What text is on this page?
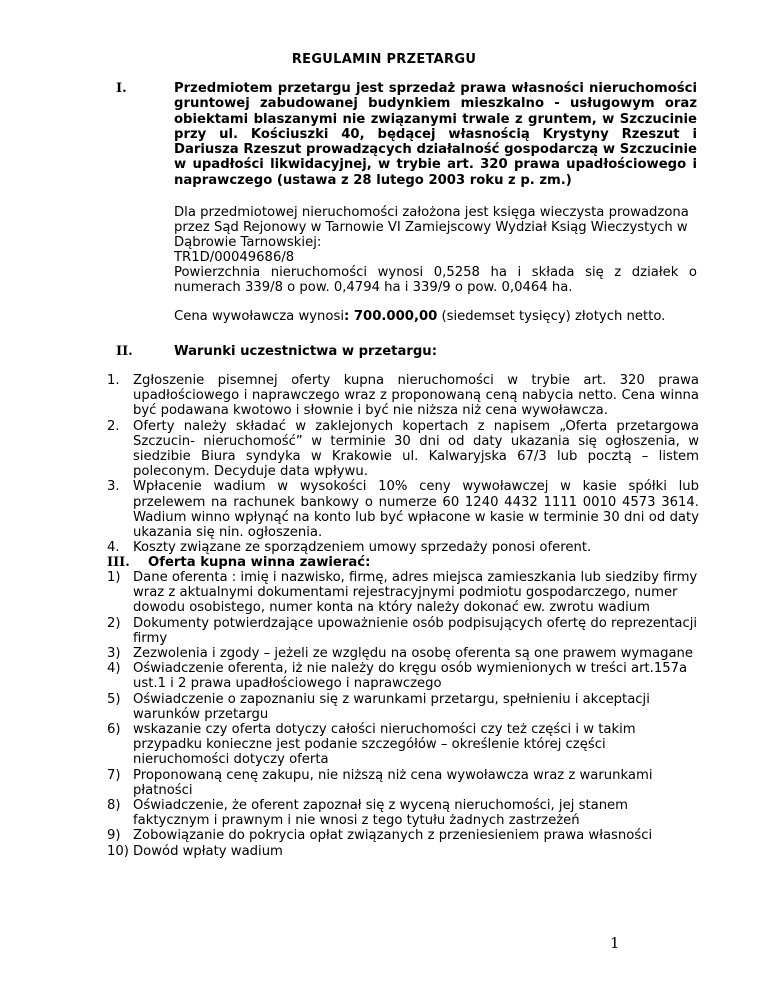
REGULAMIN PRZETARGU
I.	Przedmiotem przetargu jest sprzedaż prawa własności nieruchomości gruntowej zabudowanej budynkiem mieszkalno - usługowym oraz obiektami blaszanymi nie związanymi trwale z gruntem, w Szczucinie przy ul. Kościuszki 40, będącej własnością Krystyny Rzeszut i Dariusza Rzeszut prowadzących działalność gospodarczą w Szczucinie w upadłości likwidacyjnej, w trybie art. 320 prawa upadłościowego i naprawczego (ustawa z 28 lutego 2003 roku z p. zm.)
Dla przedmiotowej nieruchomości założona jest księga wieczysta prowadzona
przez Sąd Rejonowy w Tarnowie VI Zamiejscowy Wydział Ksiąg Wieczystych w
Dąbrowie Tarnowskiej:
TR1D/00049686/8
Powierzchnia nieruchomości wynosi 0,5258 ha i składa się z działek o numerach 339/8 o pow. 0,4794 ha i 339/9 o pow. 0,0464 ha.
Cena wywoławcza wynosi: 700.000,00 (siedemset tysięcy) złotych netto.
II.	Warunki uczestnictwa w przetargu:
1. Zgłoszenie pisemnej oferty kupna nieruchomości w trybie art. 320 prawa upadłościowego i naprawczego wraz z proponowaną ceną nabycia netto. Cena winna być podawana kwotowo i słownie i być nie niższa niż cena wywoławcza.
2. Oferty należy składać w zaklejonych kopertach z napisem „Oferta przetargowa Szczucin- nieruchomość” w terminie 30 dni od daty ukazania się ogłoszenia, w siedzibie Biura syndyka w Krakowie ul. Kalwaryjska 67/3 lub pocztą – listem poleconym. Decyduje data wpływu.
3. Wpłacenie wadium w wysokości 10% ceny wywoławczej w kasie spółki lub przelewem na rachunek bankowy o numerze 60 1240 4432 1111 0010 4573 3614. Wadium winno wpłynąć na konto lub być wpłacone w kasie w terminie 30 dni od daty ukazania się nin. ogłoszenia.
4. Koszty związane ze sporządzeniem umowy sprzedaży ponosi oferent.
III. Oferta kupna winna zawierać:
1) Dane oferenta : imię i nazwisko, firmę, adres miejsca zamieszkania lub siedziby firmy wraz z aktualnymi dokumentami rejestracyjnymi podmiotu gospodarczego, numer dowodu osobistego, numer konta na który należy dokonać ew. zwrotu wadium
2) Dokumenty potwierdzające upoważnienie osób podpisujących ofertę do reprezentacji firmy
3) Zezwolenia i zgody – jeżeli ze względu na osobę oferenta są one prawem wymagane
4) Oświadczenie oferenta, iż nie należy do kręgu osób wymienionych w treści art.157a ust.1 i 2 prawa upadłościowego i naprawczego
5) Oświadczenie o zapoznaniu się z warunkami przetargu, spełnieniu i akceptacji warunków przetargu
6) wskazanie czy oferta dotyczy całości nieruchomości czy też części i w takim przypadku konieczne jest podanie szczegółów – określenie której części nieruchomości dotyczy oferta
7) Proponowaną cenę zakupu, nie niższą niż cena wywoławcza wraz z warunkami płatności
8) Oświadczenie, że oferent zapoznał się z wyceną nieruchomości, jej stanem faktycznym i prawnym i nie wnosi z tego tytułu żadnych zastrzeżeń
9) Zobowiązanie do pokrycia opłat związanych z przeniesieniem prawa własności
10) Dowód wpłaty wadium
1
